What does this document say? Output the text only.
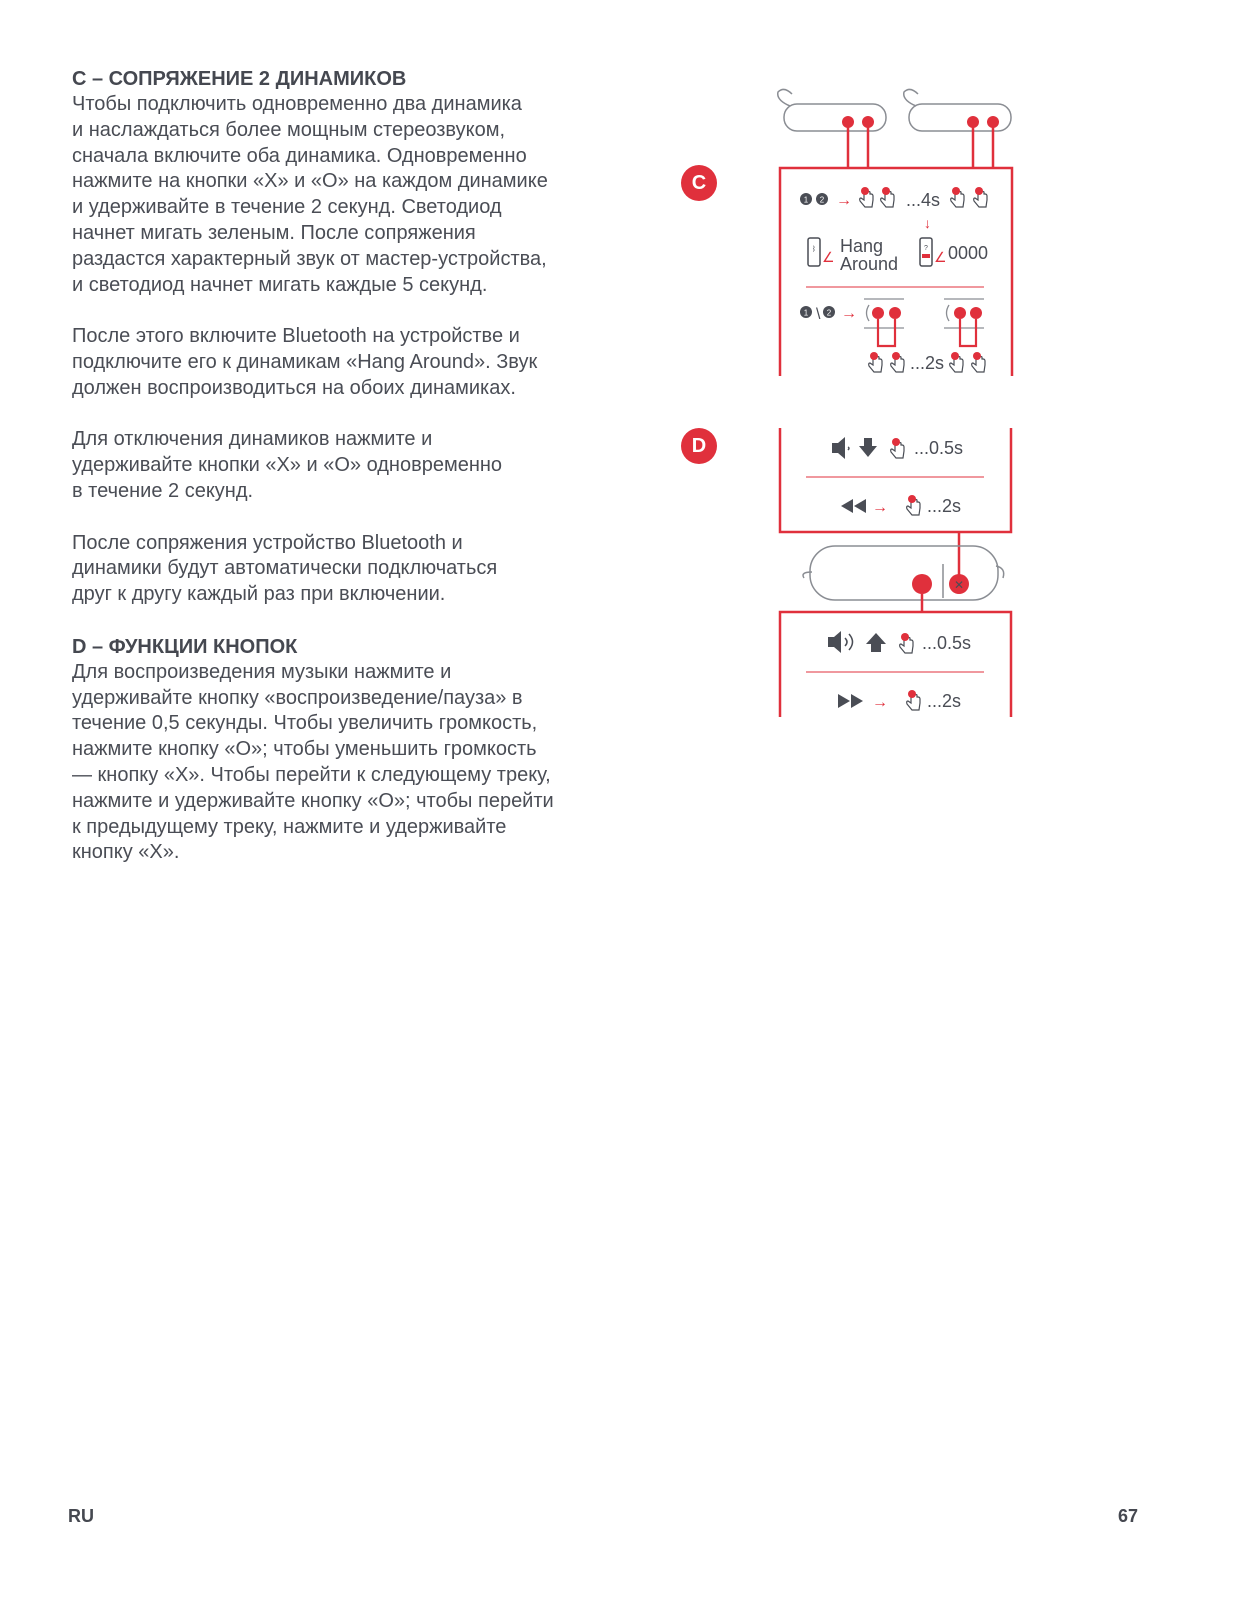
C – СОПРЯЖЕНИЕ 2 ДИНАМИКОВ

Чтобы подключить одновременно два динамика
и наслаждаться более мощным стереозвуком,
сначала включите оба динамика. Одновременно
нажмите на кнопки «X» и «O» на каждом динамике
и удерживайте в течение 2 секунд. Светодиод
начнет мигать зеленым. После сопряжения
раздастся характерный звук от мастер-устройства,
и светодиод начнет мигать каждые 5 секунд.

После этого включите Bluetooth на устройстве и
подключите его к динамикам «Hang Around». Звук
должен воспроизводиться на обоих динамиках.

Для отключения динамиков нажмите и
удерживайте кнопки «X» и «O» одновременно
в течение 2 секунд.

После сопряжения устройство Bluetooth и
динамики будут автоматически подключаться
друг к другу каждый раз при включении.

D – ФУНКЦИИ КНОПОК

Для воспроизведения музыки нажмите и
удерживайте кнопку «воспроизведение/пауза» в
течение 0,5 секунды. Чтобы увеличить громкость,
нажмите кнопку «O»; чтобы уменьшить громкость
— кнопку «X». Чтобы перейти к следующему треку,
нажмите и удерживайте кнопку «O»; чтобы перейти
к предыдущему треку, нажмите и удерживайте
кнопку «X».

C
D
1 2 →	...4s
↓
ᛒ ∠
Hang
Around
?
∠ 0000
1 \ 2 →
...2s
...0.5s
→ ...2s
✕
...0.5s
→ ...2s
RU	67
